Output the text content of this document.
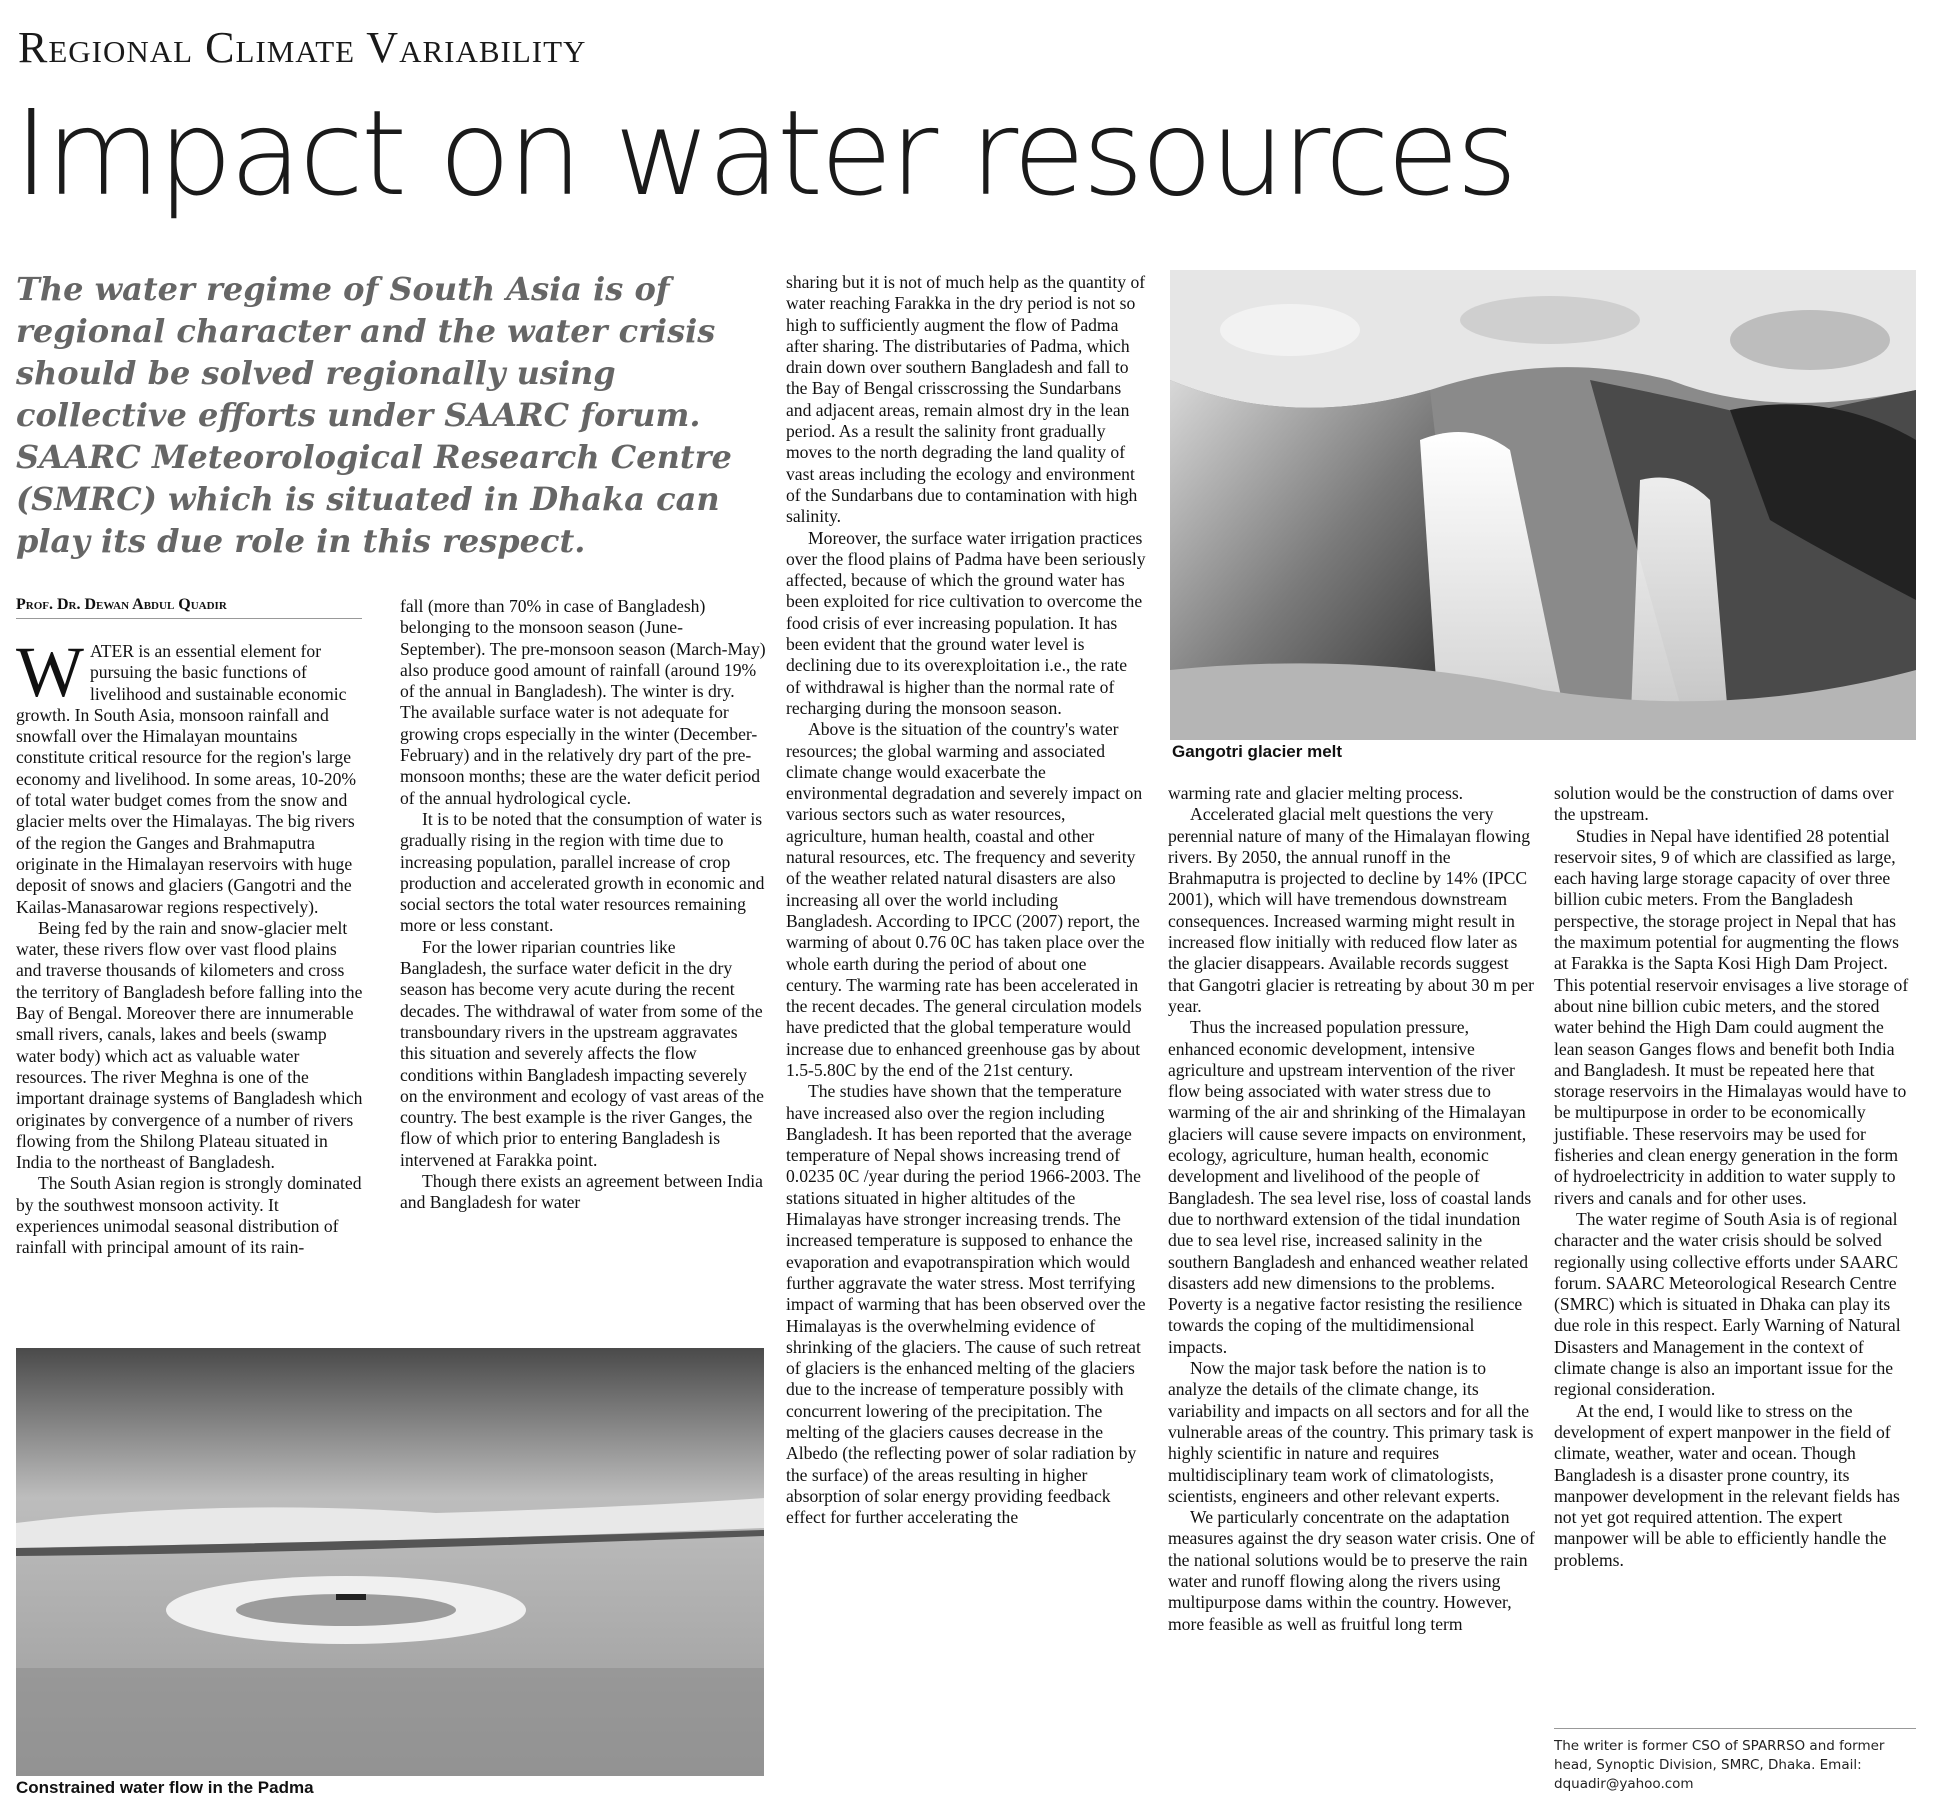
Regional Climate Variability
Impact on water resources

The water regime of South Asia is of regional character and the water crisis should be solved regionally using collective efforts under SAARC forum. SAARC Meteorological Research Centre (SMRC) which is situated in Dhaka can play its due role in this respect.

Prof. Dr. Dewan Abdul Quadir

WATER is an essential element for pursuing the basic functions of livelihood and sustainable economic growth. In South Asia, monsoon rainfall and snowfall over the Himalayan mountains constitute critical resource for the region's large economy and livelihood. In some areas, 10-20% of total water budget comes from the snow and glacier melts over the Himalayas. The big rivers of the region the Ganges and Brahmaputra originate in the Himalayan reservoirs with huge deposit of snows and glaciers (Gangotri and the Kailas-Manasarowar regions respectively).

Being fed by the rain and snow-glacier melt water, these rivers flow over vast flood plains and traverse thousands of kilometers and cross the territory of Bangladesh before falling into the Bay of Bengal. Moreover there are innumerable small rivers, canals, lakes and beels (swamp water body) which act as valuable water resources. The river Meghna is one of the important drainage systems of Bangladesh which originates by convergence of a number of rivers flowing from the Shilong Plateau situated in India to the northeast of Bangladesh.

The South Asian region is strongly dominated by the southwest monsoon activity. It experiences unimodal seasonal distribution of rainfall with principal amount of its rain-

fall (more than 70% in case of Bangladesh) belonging to the monsoon season (June-September). The pre-monsoon season (March-May) also produce good amount of rainfall (around 19% of the annual in Bangladesh). The winter is dry. The available surface water is not adequate for growing crops especially in the winter (December-February) and in the relatively dry part of the pre-monsoon months; these are the water deficit period of the annual hydrological cycle.

It is to be noted that the consumption of water is gradually rising in the region with time due to increasing population, parallel increase of crop production and accelerated growth in economic and social sectors the total water resources remaining more or less constant.

For the lower riparian countries like Bangladesh, the surface water deficit in the dry season has become very acute during the recent decades. The withdrawal of water from some of the transboundary rivers in the upstream aggravates this situation and severely affects the flow conditions within Bangladesh impacting severely on the environment and ecology of vast areas of the country. The best example is the river Ganges, the flow of which prior to entering Bangladesh is intervened at Farakka point.

Though there exists an agreement between India and Bangladesh for water

sharing but it is not of much help as the quantity of water reaching Farakka in the dry period is not so high to sufficiently augment the flow of Padma after sharing. The distributaries of Padma, which drain down over southern Bangladesh and fall to the Bay of Bengal crisscrossing the Sundarbans and adjacent areas, remain almost dry in the lean period. As a result the salinity front gradually moves to the north degrading the land quality of vast areas including the ecology and environment of the Sundarbans due to contamination with high salinity.

Moreover, the surface water irrigation practices over the flood plains of Padma have been seriously affected, because of which the ground water has been exploited for rice cultivation to overcome the food crisis of ever increasing population. It has been evident that the ground water level is declining due to its overexploitation i.e., the rate of withdrawal is higher than the normal rate of recharging during the monsoon season.

Above is the situation of the country's water resources; the global warming and associated climate change would exacerbate the environmental degradation and severely impact on various sectors such as water resources, agriculture, human health, coastal and other natural resources, etc. The frequency and severity of the weather related natural disasters are also increasing all over the world including Bangladesh. According to IPCC (2007) report, the warming of about 0.76 0C has taken place over the whole earth during the period of about one century. The warming rate has been accelerated in the recent decades. The general circulation models have predicted that the global temperature would increase due to enhanced greenhouse gas by about 1.5-5.80C by the end of the 21st century.

The studies have shown that the temperature have increased also over the region including Bangladesh. It has been reported that the average temperature of Nepal shows increasing trend of 0.0235 0C /year during the period 1966-2003. The stations situated in higher altitudes of the Himalayas have stronger increasing trends. The increased temperature is supposed to enhance the evaporation and evapotranspiration which would further aggravate the water stress. Most terrifying impact of warming that has been observed over the Himalayas is the overwhelming evidence of shrinking of the glaciers. The cause of such retreat of glaciers is the enhanced melting of the glaciers due to the increase of temperature possibly with concurrent lowering of the precipitation. The melting of the glaciers causes decrease in the Albedo (the reflecting power of solar radiation by the surface) of the areas resulting in higher absorption of solar energy providing feedback effect for further accelerating the

Gangotri glacier melt
Constrained water flow in the Padma

warming rate and glacier melting process.

Accelerated glacial melt questions the very perennial nature of many of the Himalayan flowing rivers. By 2050, the annual runoff in the Brahmaputra is projected to decline by 14% (IPCC 2001), which will have tremendous downstream consequences. Increased warming might result in increased flow initially with reduced flow later as the glacier disappears. Available records suggest that Gangotri glacier is retreating by about 30 m per year.

Thus the increased population pressure, enhanced economic development, intensive agriculture and upstream intervention of the river flow being associated with water stress due to warming of the air and shrinking of the Himalayan glaciers will cause severe impacts on environment, ecology, agriculture, human health, economic development and livelihood of the people of Bangladesh. The sea level rise, loss of coastal lands due to northward extension of the tidal inundation due to sea level rise, increased salinity in the southern Bangladesh and enhanced weather related disasters add new dimensions to the problems. Poverty is a negative factor resisting the resilience towards the coping of the multidimensional impacts.

Now the major task before the nation is to analyze the details of the climate change, its variability and impacts on all sectors and for all the vulnerable areas of the country. This primary task is highly scientific in nature and requires multidisciplinary team work of climatologists, scientists, engineers and other relevant experts.

We particularly concentrate on the adaptation measures against the dry season water crisis. One of the national solutions would be to preserve the rain water and runoff flowing along the rivers using multipurpose dams within the country. However, more feasible as well as fruitful long term

solution would be the construction of dams over the upstream.

Studies in Nepal have identified 28 potential reservoir sites, 9 of which are classified as large, each having large storage capacity of over three billion cubic meters. From the Bangladesh perspective, the storage project in Nepal that has the maximum potential for augmenting the flows at Farakka is the Sapta Kosi High Dam Project. This potential reservoir envisages a live storage of about nine billion cubic meters, and the stored water behind the High Dam could augment the lean season Ganges flows and benefit both India and Bangladesh. It must be repeated here that storage reservoirs in the Himalayas would have to be multipurpose in order to be economically justifiable. These reservoirs may be used for fisheries and clean energy generation in the form of hydroelectricity in addition to water supply to rivers and canals and for other uses.

The water regime of South Asia is of regional character and the water crisis should be solved regionally using collective efforts under SAARC forum. SAARC Meteorological Research Centre (SMRC) which is situated in Dhaka can play its due role in this respect. Early Warning of Natural Disasters and Management in the context of climate change is also an important issue for the regional consideration.

At the end, I would like to stress on the development of expert manpower in the field of climate, weather, water and ocean. Though Bangladesh is a disaster prone country, its manpower development in the relevant fields has not yet got required attention. The expert manpower will be able to efficiently handle the problems.

The writer is former CSO of SPARRSO and former head, Synoptic Division, SMRC, Dhaka. Email: dquadir@yahoo.com
